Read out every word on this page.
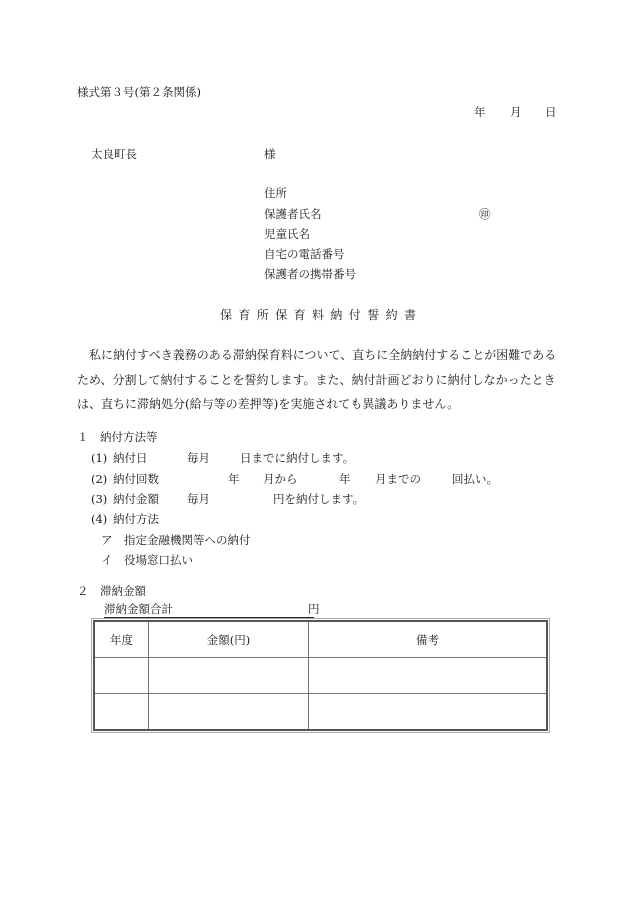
様式第３号(第２条関係)
年 月 日
太良町長	様
住所
保護者氏名	㊞
児童氏名
自宅の電話番号
保護者の携帯番号
保育所保育料納付誓約書
私に納付すべき義務のある滞納保育料について、直ちに全納納付することが困難であるため、分割して納付することを誓約します。また、納付計画どおりに納付しなかったときは、直ちに滞納処分(給与等の差押等)を実施されても異議ありません。
１　納付方法等
(1) 納付日	毎月	日までに納付します。
(2) 納付回数	年 月から	年 月までの	回払い。
(3) 納付金額 毎月	円を納付します。
(4) 納付方法
ア　指定金融機関等への納付
イ　役場窓口払い
２　滞納金額
滞納金額合計	円
年度	金額(円)	備考
